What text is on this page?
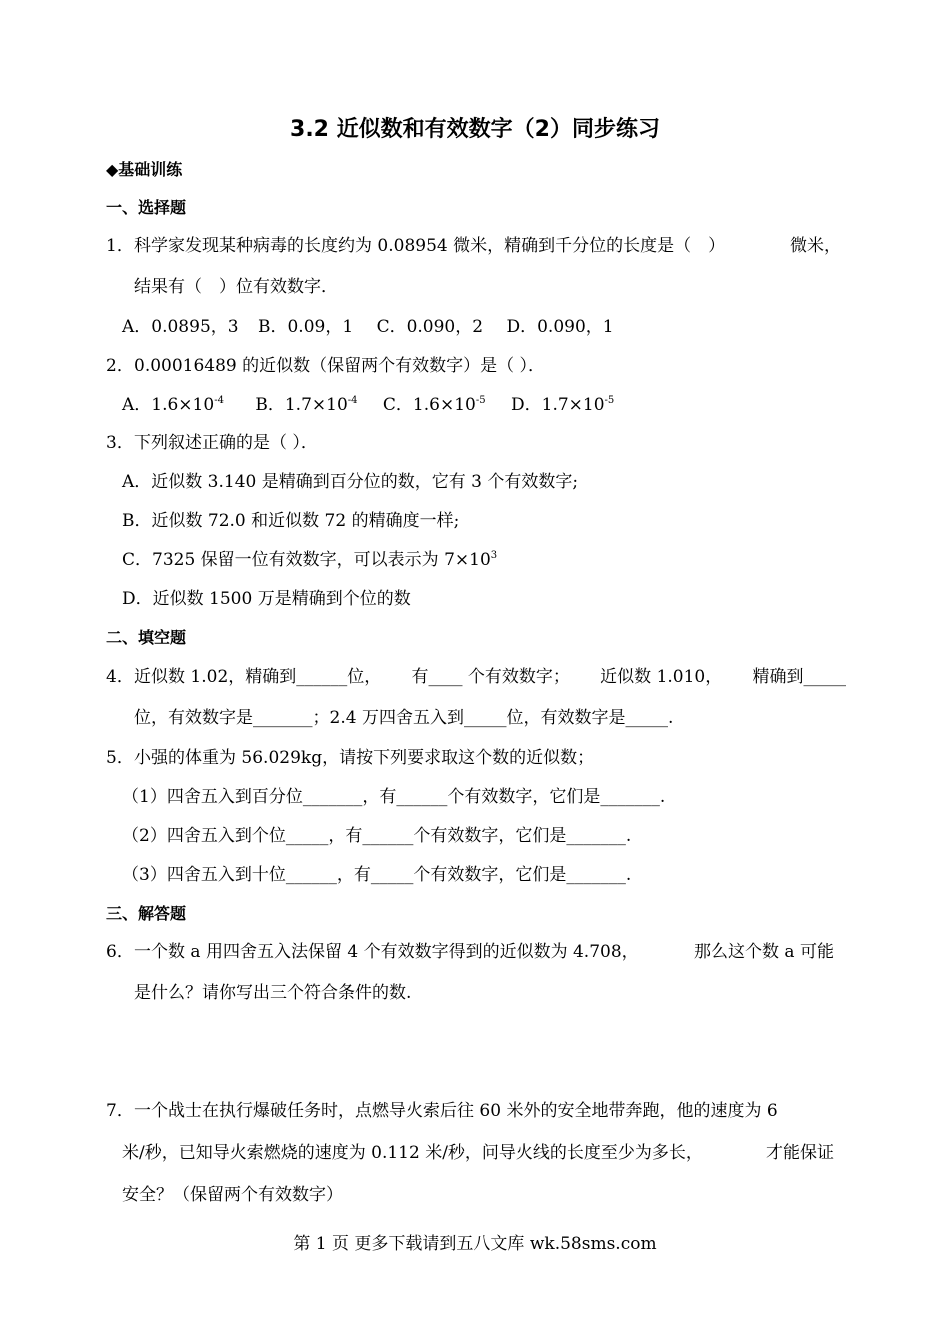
3.2 近似数和有效数字（2）同步练习
◆基础训练
一、选择题
1． 科学家发现某种病毒的长度约为 0.08954 微米，精确到千分位的长度是（　）	微米，
结果有（　）位有效数字．
A．0.0895，3 B．0.09，1 C．0.090，2 D．0.090，1
2． 0.00016489 的近似数（保留两个有效数字）是（ ）．
A．$1.6\times 10^{-4}$ B．$1.7\times 10^{-4}$ C．$1.6\times 10^{-5}$ D．$1.7\times 10^{-5}$
3． 下列叙述正确的是（ ）．
A．近似数 3.140 是精确到百分位的数，它有 3 个有效数字;
B．近似数 72.0 和近似数 72 的精确度一样;
C．7325 保留一位有效数字，可以表示为 $7\times 10^3$
D．近似数 1500 万是精确到个位的数
二、填空题
4． 近似数 1.02，精确到______位， 有____ 个有效数字； 近似数 1.010， 精确到_____
位，有效数字是_______；2.4 万四舍五入到_____位，有效数字是_____.
5． 小强的体重为 56.029kg，请按下列要求取这个数的近似数；
（1）四舍五入到百分位_______，有______个有效数字，它们是_______.
（2）四舍五入到个位_____，有______个有效数字，它们是_______.
（3）四舍五入到十位______，有_____个有效数字，它们是_______.
三、解答题
6． 一个数 a 用四舍五入法保留 4 个有效数字得到的近似数为 4.708，	那么这个数 a 可能
是什么？请你写出三个符合条件的数.
7． 一个战士在执行爆破任务时，点燃导火索后往 60 米外的安全地带奔跑，他的速度为 6
米/秒，已知导火索燃烧的速度为 0.112 米/秒，问导火线的长度至少为多长，	才能保证
安全？（保留两个有效数字）
第 1 页 更多下载请到五八文库 wk.58sms.com
